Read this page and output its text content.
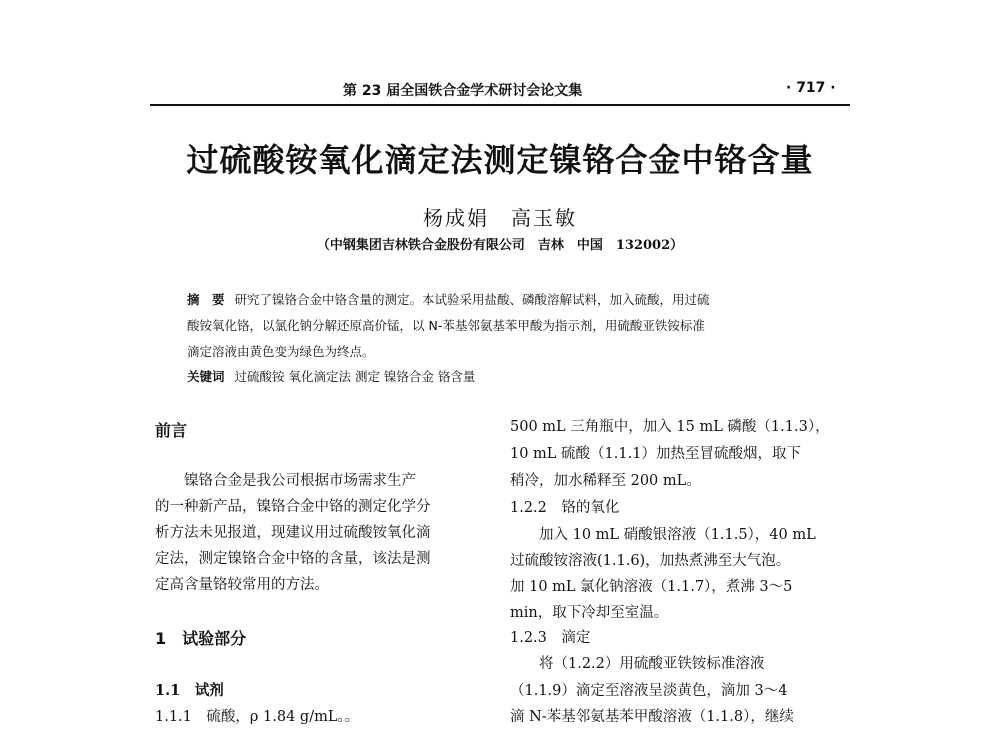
第 23 届全国铁合金学术研讨会论文集	· 717 ·
过硫酸铵氧化滴定法测定镍铬合金中铬含量
杨成娟　高玉敏
（中钢集团吉林铁合金股份有限公司　吉林　中国　132002）
摘　要 研究了镍铬合金中铬含量的测定。本试验采用盐酸、磷酸溶解试料，加入硫酸，用过硫
酸铵氧化铬，以氯化钠分解还原高价锰，以 N-苯基邻氨基苯甲酸为指示剂，用硫酸亚铁铵标准
滴定溶液由黄色变为绿色为终点。
关键词 过硫酸铵 氧化滴定法 测定 镍铬合金 铬含量
前言
　　镍铬合金是我公司根据市场需求生产
的一种新产品，镍铬合金中铬的测定化学分
析方法未见报道，现建议用过硫酸铵氧化滴
定法，测定镍铬合金中铬的含量，该法是测
定高含量铬较常用的方法。
1　试验部分
1.1　试剂
1.1.1　硫酸，ρ 1.84 g/mL。。
500 mL 三角瓶中，加入 15 mL 磷酸（1.1.3），
10 mL 硫酸（1.1.1）加热至冒硫酸烟，取下
稍冷，加水稀释至 200 mL。
1.2.2　铬的氧化
　　加入 10 mL 硝酸银溶液（1.1.5），40 mL
过硫酸铵溶液(1.1.6)，加热煮沸至大气泡。
加 10 mL 氯化钠溶液（1.1.7），煮沸 3～5
min，取下冷却至室温。
1.2.3　滴定
　　将（1.2.2）用硫酸亚铁铵标准溶液
（1.1.9）滴定至溶液呈淡黄色，滴加 3～4
滴 N-苯基邻氨基苯甲酸溶液（1.1.8），继续
